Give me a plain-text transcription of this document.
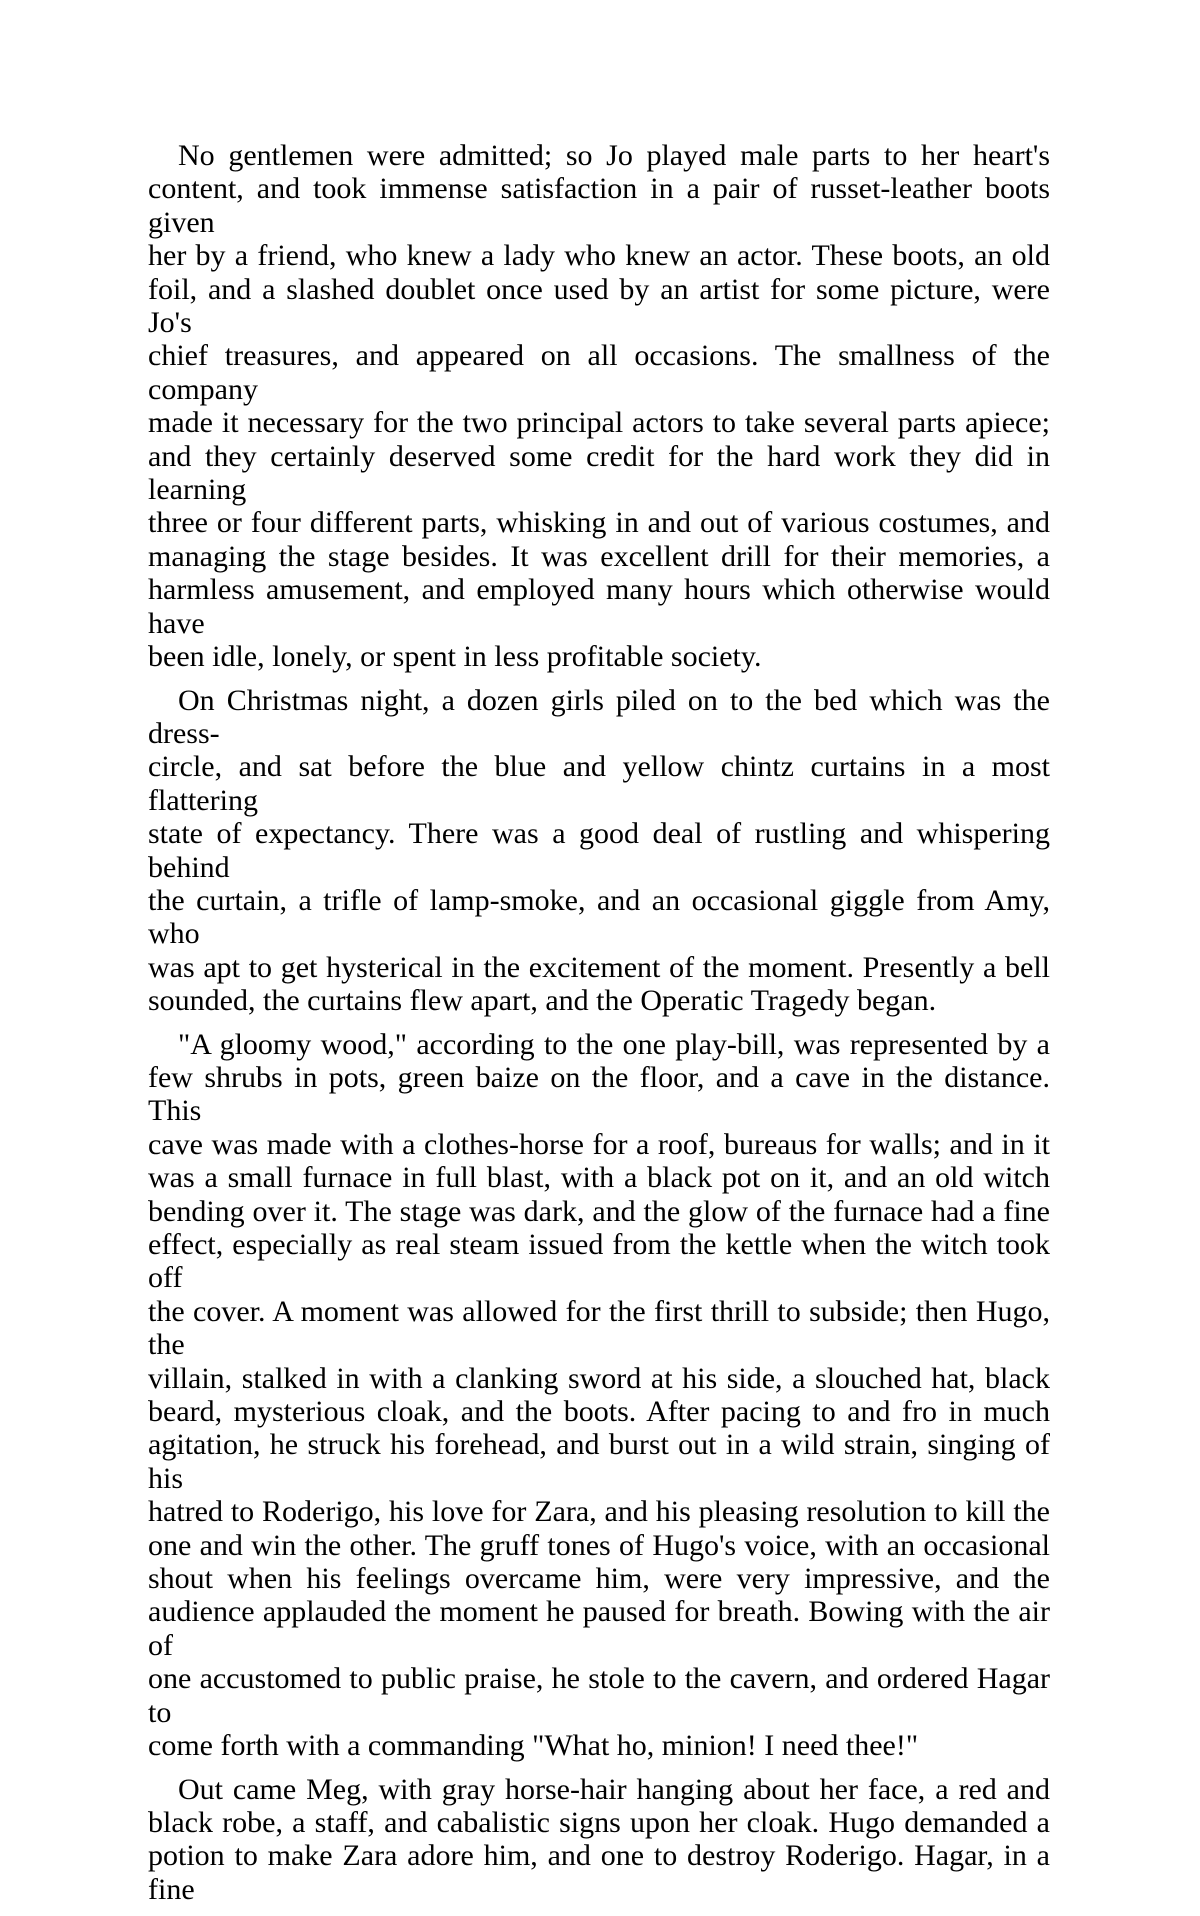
No gentlemen were admitted; so Jo played male parts to her heart's
content, and took immense satisfaction in a pair of russet-leather boots given
her by a friend, who knew a lady who knew an actor. These boots, an old
foil, and a slashed doublet once used by an artist for some picture, were Jo's
chief treasures, and appeared on all occasions. The smallness of the company
made it necessary for the two principal actors to take several parts apiece;
and they certainly deserved some credit for the hard work they did in learning
three or four different parts, whisking in and out of various costumes, and
managing the stage besides. It was excellent drill for their memories, a
harmless amusement, and employed many hours which otherwise would have
been idle, lonely, or spent in less profitable society.
On Christmas night, a dozen girls piled on to the bed which was the dress-
circle, and sat before the blue and yellow chintz curtains in a most flattering
state of expectancy. There was a good deal of rustling and whispering behind
the curtain, a trifle of lamp-smoke, and an occasional giggle from Amy, who
was apt to get hysterical in the excitement of the moment. Presently a bell
sounded, the curtains flew apart, and the Operatic Tragedy began.
"A gloomy wood," according to the one play-bill, was represented by a
few shrubs in pots, green baize on the floor, and a cave in the distance. This
cave was made with a clothes-horse for a roof, bureaus for walls; and in it
was a small furnace in full blast, with a black pot on it, and an old witch
bending over it. The stage was dark, and the glow of the furnace had a fine
effect, especially as real steam issued from the kettle when the witch took off
the cover. A moment was allowed for the first thrill to subside; then Hugo, the
villain, stalked in with a clanking sword at his side, a slouched hat, black
beard, mysterious cloak, and the boots. After pacing to and fro in much
agitation, he struck his forehead, and burst out in a wild strain, singing of his
hatred to Roderigo, his love for Zara, and his pleasing resolution to kill the
one and win the other. The gruff tones of Hugo's voice, with an occasional
shout when his feelings overcame him, were very impressive, and the
audience applauded the moment he paused for breath. Bowing with the air of
one accustomed to public praise, he stole to the cavern, and ordered Hagar to
come forth with a commanding "What ho, minion! I need thee!"
Out came Meg, with gray horse-hair hanging about her face, a red and
black robe, a staff, and cabalistic signs upon her cloak. Hugo demanded a
potion to make Zara adore him, and one to destroy Roderigo. Hagar, in a fine
